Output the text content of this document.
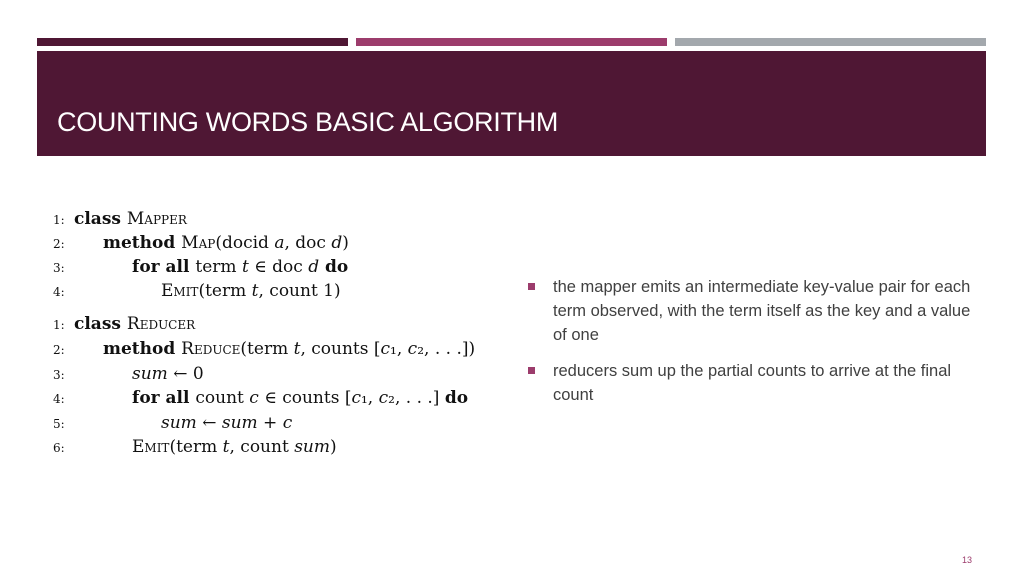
COUNTING WORDS BASIC ALGORITHM
1: class Mapper
2:	method Map(docid a, doc d)
3:	for all term t ∈ doc d do
4:	Emit(term t, count 1)
1: class Reducer
2:	method Reduce(term t, counts [c₁, c₂, . . .])
3:	sum ← 0
4:	for all count c ∈ counts [c₁, c₂, . . .] do
5:	sum ← sum + c
6:	Emit(term t, count sum)
the mapper emits an intermediate key-value pair for each term observed, with the term itself as the key and a value of one
reducers sum up the partial counts to arrive at the final count
13
